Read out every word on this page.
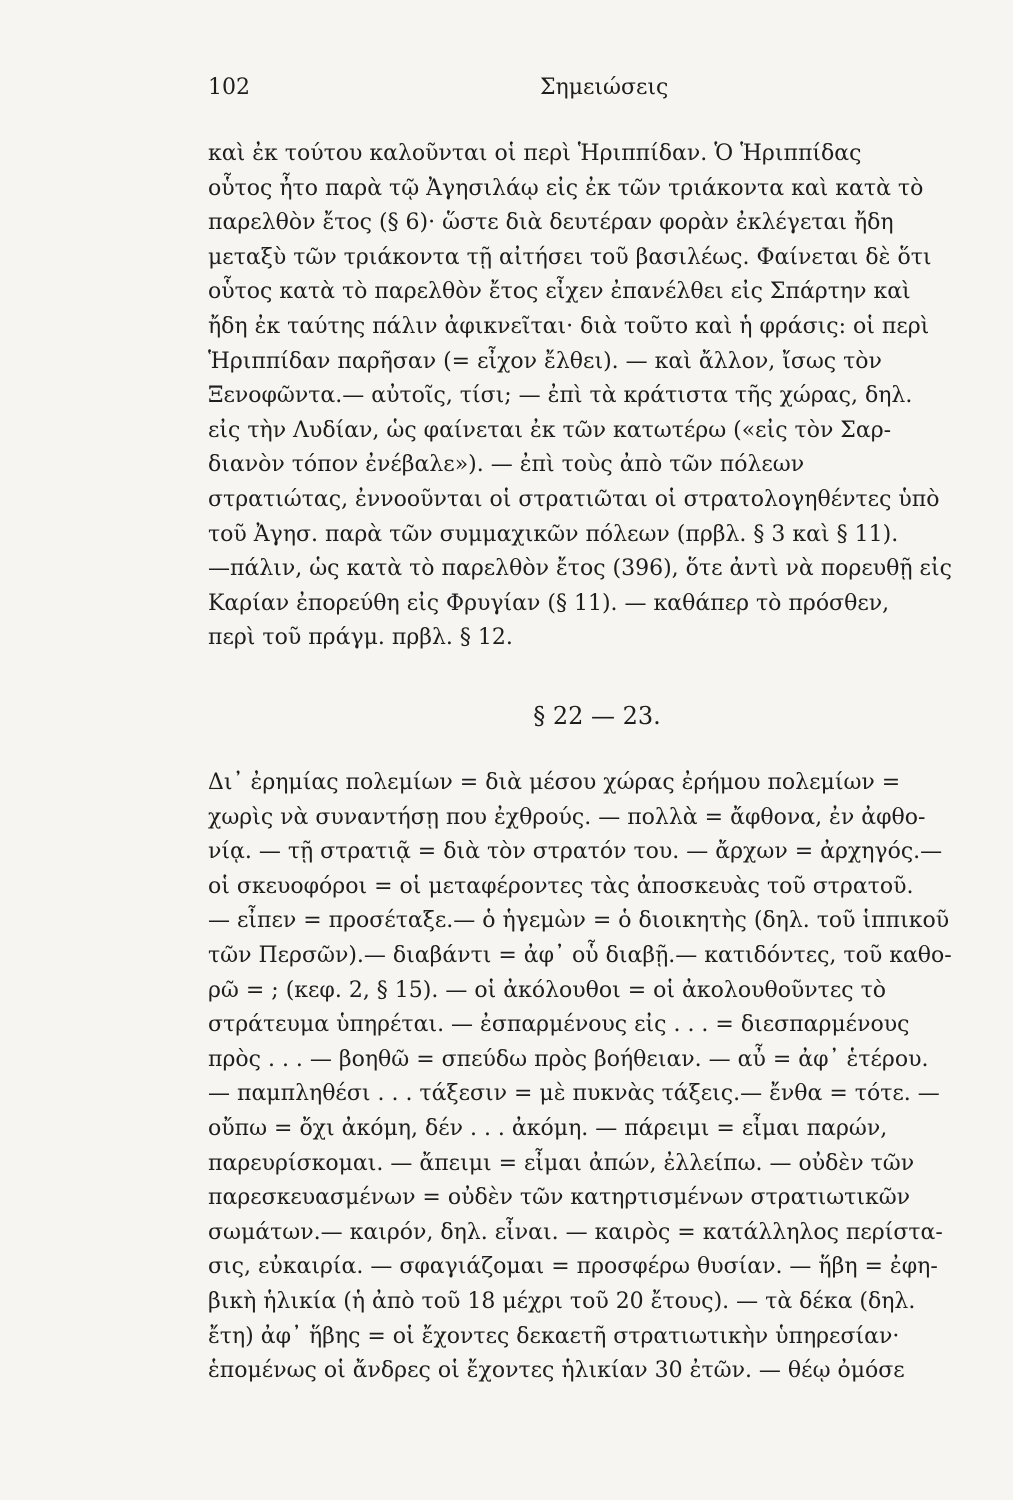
102	Σημειώσεις
καὶ ἐκ τούτου καλοῦνται οἱ περὶ Ἡριππίδαν. Ὁ Ἡριππίδας
οὗτος ἦτο παρὰ τῷ Ἀγησιλάῳ εἰς ἐκ τῶν τριάκοντα καὶ κατὰ τὸ
παρελθὸν ἔτος (§ 6)· ὥστε διὰ δευτέραν φορὰν ἐκλέγεται ἤδη
μεταξὺ τῶν τριάκοντα τῇ αἰτήσει τοῦ βασιλέως. Φαίνεται δὲ ὅτι
οὗτος κατὰ τὸ παρελθὸν ἔτος εἶχεν ἐπανέλθει εἰς Σπάρτην καὶ
ἤδη ἐκ ταύτης πάλιν ἀφικνεῖται· διὰ τοῦτο καὶ ἡ φράσις: οἱ περὶ
Ἡριππίδαν παρῆσαν (= εἶχον ἔλθει). — καὶ ἄλλον, ἴσως τὸν
Ξενοφῶντα.— αὐτοῖς, τίσι; — ἐπὶ τὰ κράτιστα τῆς χώρας, δηλ.
εἰς τὴν Λυδίαν, ὡς φαίνεται ἐκ τῶν κατωτέρω («εἰς τὸν Σαρ-
διανὸν τόπον ἐνέβαλε»). — ἐπὶ τοὺς ἀπὸ τῶν πόλεων
στρατιώτας, ἐννοοῦνται οἱ στρατιῶται οἱ στρατολογηθέντες ὑπὸ
τοῦ Ἀγησ. παρὰ τῶν συμμαχικῶν πόλεων (πρβλ. § 3 καὶ § 11).
—πάλιν, ὡς κατὰ τὸ παρελθὸν ἔτος (396), ὅτε ἀντὶ νὰ πορευθῇ εἰς
Καρίαν ἐπορεύθη εἰς Φρυγίαν (§ 11). — καθάπερ τὸ πρόσθεν,
περὶ τοῦ πράγμ. πρβλ. § 12.
§ 22 — 23.
Δι᾿ ἐρημίας πολεμίων = διὰ μέσου χώρας ἐρήμου πολεμίων =
χωρὶς νὰ συναντήσῃ που ἐχθρούς. — πολλὰ = ἄφθονα, ἐν ἀφθο-
νίᾳ. — τῇ στρατιᾷ = διὰ τὸν στρατόν του. — ἄρχων = ἀρχηγός.—
οἱ σκευοφόροι = οἱ μεταφέροντες τὰς ἀποσκευὰς τοῦ στρατοῦ.
— εἶπεν = προσέταξε.— ὁ ἡγεμὼν = ὁ διοικητὴς (δηλ. τοῦ ἱππικοῦ
τῶν Περσῶν).— διαβάντι = ἀφ᾿ οὗ διαβῇ.— κατιδόντες, τοῦ καθο-
ρῶ = ; (κεφ. 2, § 15). — οἱ ἀκόλουθοι = οἱ ἀκολουθοῦντες τὸ
στράτευμα ὑπηρέται. — ἐσπαρμένους εἰς . . . = διεσπαρμένους
πρὸς . . . — βοηθῶ = σπεύδω πρὸς βοήθειαν. — αὖ = ἀφ᾿ ἑτέρου.
— παμπληθέσι . . . τάξεσιν = μὲ πυκνὰς τάξεις.— ἔνθα = τότε. —
οὔπω = ὄχι ἀκόμη, δέν . . . ἀκόμη. — πάρειμι = εἶμαι παρών,
παρευρίσκομαι. — ἄπειμι = εἶμαι ἀπών, ἐλλείπω. — οὐδὲν τῶν
παρεσκευασμένων = οὐδὲν τῶν κατηρτισμένων στρατιωτικῶν
σωμάτων.— καιρόν, δηλ. εἶναι. — καιρὸς = κατάλληλος περίστα-
σις, εὐκαιρία. — σφαγιάζομαι = προσφέρω θυσίαν. — ἥβη = ἐφη-
βικὴ ἡλικία (ἡ ἀπὸ τοῦ 18 μέχρι τοῦ 20 ἔτους). — τὰ δέκα (δηλ.
ἔτη) ἀφ᾿ ἥβης = οἱ ἔχοντες δεκαετῆ στρατιωτικὴν ὑπηρεσίαν·
ἑπομένως οἱ ἄνδρες οἱ ἔχοντες ἡλικίαν 30 ἐτῶν. — θέῳ ὀμόσε
